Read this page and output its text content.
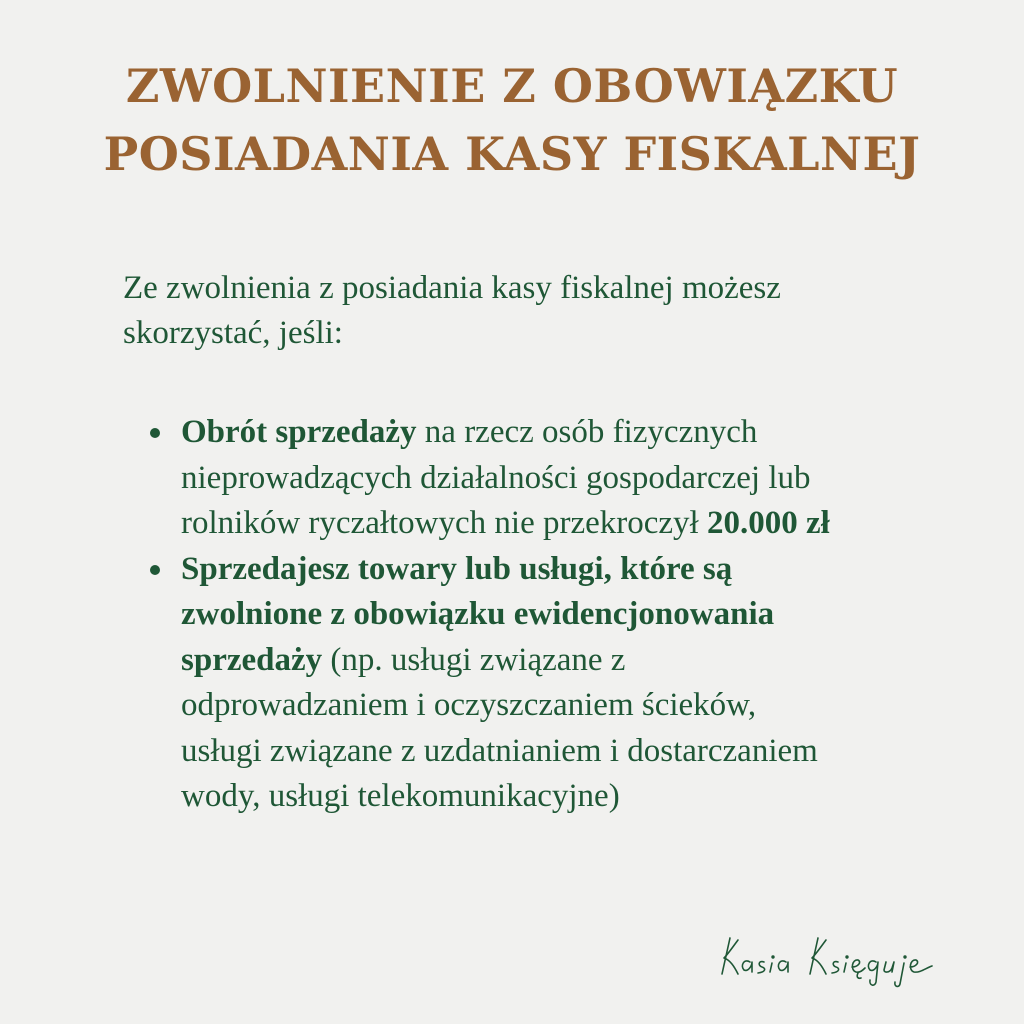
ZWOLNIENIE Z OBOWIĄZKU
POSIADANIA KASY FISKALNEJ

Ze zwolnienia z posiadania kasy fiskalnej możesz
skorzystać, jeśli:

Obrót sprzedaży na rzecz osób fizycznych
nieprowadzących działalności gospodarczej lub
rolników ryczałtowych nie przekroczył 20.000 zł
Sprzedajesz towary lub usługi, które są
zwolnione z obowiązku ewidencjonowania
sprzedaży (np. usługi związane z
odprowadzaniem i oczyszczaniem ścieków,
usługi związane z uzdatnianiem i dostarczaniem
wody, usługi telekomunikacyjne)
